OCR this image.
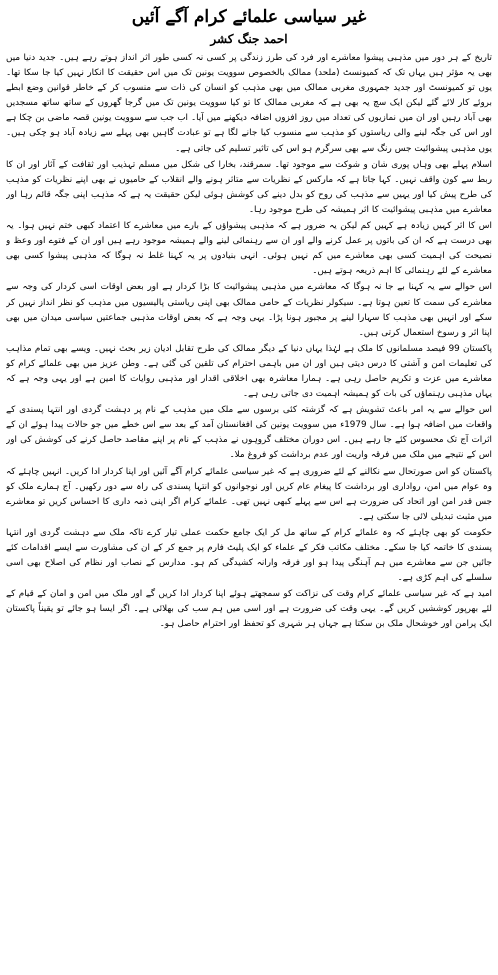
غیر سیاسی علمائے کرام آگے آئیں
احمد جنگ کشر

تاریخ کے ہر دور میں مذہبی پیشوا معاشرے اور فرد کی طرز زندگی پر کسی نہ کسی طور اثر انداز ہوتے رہے ہیں۔ جدید دنیا میں بھی یہ مؤثر ہیں یہاں تک کہ کمیونسٹ (ملحد) ممالک بالخصوص سوویت یونین تک میں اس حقیقت کا انکار نہیں کیا جا سکا تھا۔ یوں تو کمیونسٹ اور جدید جمہوری مغربی ممالک میں بھی مذہب کو انسان کی ذات سے منسوب کر کے خاطر قوانین وضع ابطے بروئے کار لائے گئے لیکن ایک سچ یہ بھی ہے کہ مغربی ممالک کا تو کیا سوویت یونین تک میں گرجا گھروں کے ساتھ ساتھ مسجدیں بھی آباد رہیں اور ان میں نمازیوں کی تعداد میں روز افزوں اضافہ دیکھنے میں آیا۔ اب جب سے سوویت یونین قصہ ماضی بن چکا ہے اور اس کی جگہ لینے والی ریاستوں کو مذہب سے منسوب کیا جانے لگا ہے تو عبادت گاہیں بھی پہلے سے زیادہ آباد ہو چکی ہیں۔ یوں مذہبی پیشوائیت جس رنگ سے بھی سرگرم ہو اس کی تاثیر تسلیم کی جاتی ہے۔

اسلام پہلے بھی وہاں پوری شان و شوکت سے موجود تھا۔ سمرقند، بخارا کی شکل میں مسلم تہذیب اور ثقافت کے آثار اور ان کا ربط سے کون واقف نہیں۔ کہا جاتا ہے کہ مارکس کے نظریات سے متاثر ہونے والے انقلاب کے حامیوں نے بھی اپنے نظریات کو مذہب کی طرح پیش کیا اور یہیں سے مذہب کی روح کو بدل دینے کی کوشش ہوئی لیکن حقیقت یہ ہے کہ مذہب اپنی جگہ قائم رہا اور معاشرے میں مذہبی پیشوائیت کا اثر ہمیشہ کی طرح موجود رہا۔

اس کا اثر کہیں زیادہ ہے کہیں کم لیکن یہ ضرور ہے کہ مذہبی پیشواؤں کے بارے میں معاشرے کا اعتماد کبھی ختم نہیں ہوا۔ یہ بھی درست ہے کہ ان کی باتوں پر عمل کرنے والے اور ان سے رہنمائی لینے والے ہمیشہ موجود رہے ہیں اور ان کے فتوے اور وعظ و نصیحت کی اہمیت کسی بھی معاشرے میں کم نہیں ہوئی۔ انہی بنیادوں پر یہ کہنا غلط نہ ہوگا کہ مذہبی پیشوا کسی بھی معاشرے کے لئے رہنمائی کا اہم ذریعہ ہوتے ہیں۔

اس حوالے سے یہ کہنا بے جا نہ ہوگا کہ معاشرے میں مذہبی پیشوائیت کا بڑا کردار ہے اور بعض اوقات اسی کردار کی وجہ سے معاشرے کی سمت کا تعین ہوتا ہے۔ سیکولر نظریات کے حامی ممالک بھی اپنی ریاستی پالیسیوں میں مذہب کو نظر انداز نہیں کر سکے اور انہیں بھی مذہب کا سہارا لینے پر مجبور ہونا پڑا۔ یہی وجہ ہے کہ بعض اوقات مذہبی جماعتیں سیاسی میدان میں بھی اپنا اثر و رسوخ استعمال کرتی ہیں۔

پاکستان 99 فیصد مسلمانوں کا ملک ہے لہٰذا یہاں دنیا کے دیگر ممالک کی طرح تقابل ادیان زیر بحث نہیں۔ ویسے بھی تمام مذاہب کی تعلیمات امن و آشتی کا درس دیتی ہیں اور ان میں باہمی احترام کی تلقین کی گئی ہے۔ وطن عزیز میں بھی علمائے کرام کو معاشرے میں عزت و تکریم حاصل رہی ہے۔ ہمارا معاشرہ بھی اخلاقی اقدار اور مذہبی روایات کا امین ہے اور یہی وجہ ہے کہ یہاں مذہبی رہنماؤں کی بات کو ہمیشہ اہمیت دی جاتی رہی ہے۔

اس حوالے سے یہ امر باعث تشویش ہے کہ گزشتہ کئی برسوں سے ملک میں مذہب کے نام پر دہشت گردی اور انتہا پسندی کے واقعات میں اضافہ ہوا ہے۔ سال 1979ء میں سوویت یونین کی افغانستان آمد کے بعد سے اس خطے میں جو حالات پیدا ہوئے ان کے اثرات آج تک محسوس کئے جا رہے ہیں۔ اس دوران مختلف گروہوں نے مذہب کے نام پر اپنے مقاصد حاصل کرنے کی کوشش کی اور اس کے نتیجے میں ملک میں فرقہ واریت اور عدم برداشت کو فروغ ملا۔

پاکستان کو اس صورتحال سے نکالنے کے لئے ضروری ہے کہ غیر سیاسی علمائے کرام آگے آئیں اور اپنا کردار ادا کریں۔ انہیں چاہئے کہ وہ عوام میں امن، رواداری اور برداشت کا پیغام عام کریں اور نوجوانوں کو انتہا پسندی کی راہ سے دور رکھیں۔ آج ہمارے ملک کو جس قدر امن اور اتحاد کی ضرورت ہے اس سے پہلے کبھی نہیں تھی۔ علمائے کرام اگر اپنی ذمہ داری کا احساس کریں تو معاشرے میں مثبت تبدیلی لائی جا سکتی ہے۔

حکومت کو بھی چاہئے کہ وہ علمائے کرام کے ساتھ مل کر ایک جامع حکمت عملی تیار کرے تاکہ ملک سے دہشت گردی اور انتہا پسندی کا خاتمہ کیا جا سکے۔ مختلف مکاتب فکر کے علماء کو ایک پلیٹ فارم پر جمع کر کے ان کی مشاورت سے ایسے اقدامات کئے جائیں جن سے معاشرے میں ہم آہنگی پیدا ہو اور فرقہ وارانہ کشیدگی کم ہو۔ مدارس کے نصاب اور نظام کی اصلاح بھی اسی سلسلے کی اہم کڑی ہے۔

امید ہے کہ غیر سیاسی علمائے کرام وقت کی نزاکت کو سمجھتے ہوئے اپنا کردار ادا کریں گے اور ملک میں امن و امان کے قیام کے لئے بھرپور کوششیں کریں گے۔ یہی وقت کی ضرورت ہے اور اسی میں ہم سب کی بھلائی ہے۔ اگر ایسا ہو جائے تو یقیناً پاکستان ایک پرامن اور خوشحال ملک بن سکتا ہے جہاں ہر شہری کو تحفظ اور احترام حاصل ہو۔
